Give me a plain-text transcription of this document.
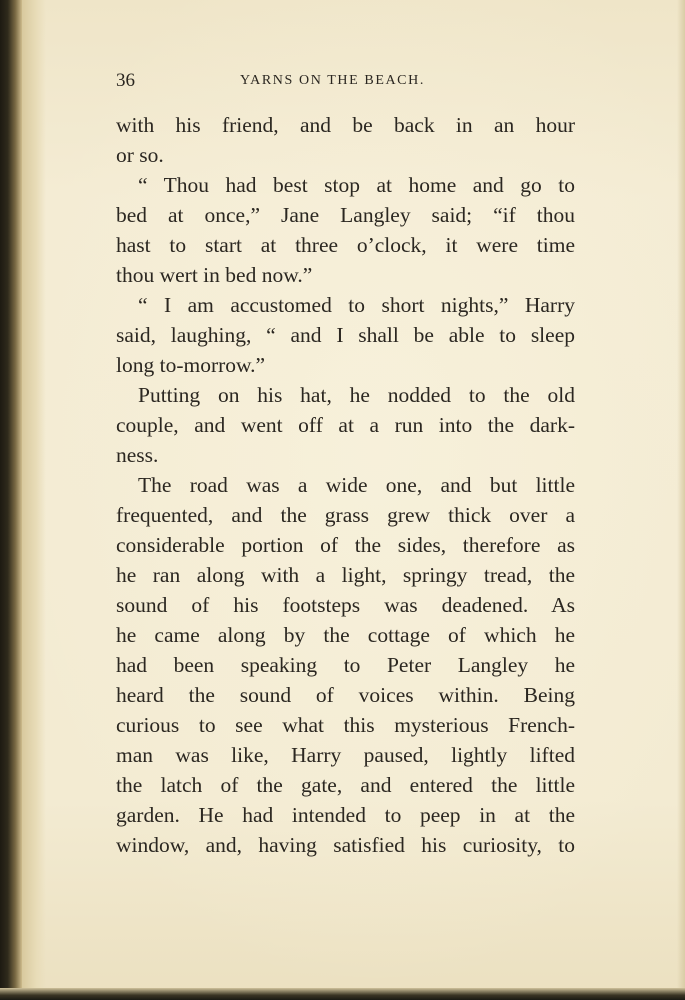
36	YARNS ON THE BEACH.
with his friend, and be back in an hour
or so.
“ Thou had best stop at home and go to
bed at once,” Jane Langley said; “if thou
hast to start at three o’clock, it were time
thou wert in bed now.”
“ I am accustomed to short nights,” Harry
said, laughing, “ and I shall be able to sleep
long to-morrow.”
Putting on his hat, he nodded to the old
couple, and went off at a run into the dark-
ness.
The road was a wide one, and but little
frequented, and the grass grew thick over a
considerable portion of the sides, therefore as
he ran along with a light, springy tread, the
sound of his footsteps was deadened. As
he came along by the cottage of which he
had been speaking to Peter Langley he
heard the sound of voices within. Being
curious to see what this mysterious French-
man was like, Harry paused, lightly lifted
the latch of the gate, and entered the little
garden. He had intended to peep in at the
window, and, having satisfied his curiosity, to
